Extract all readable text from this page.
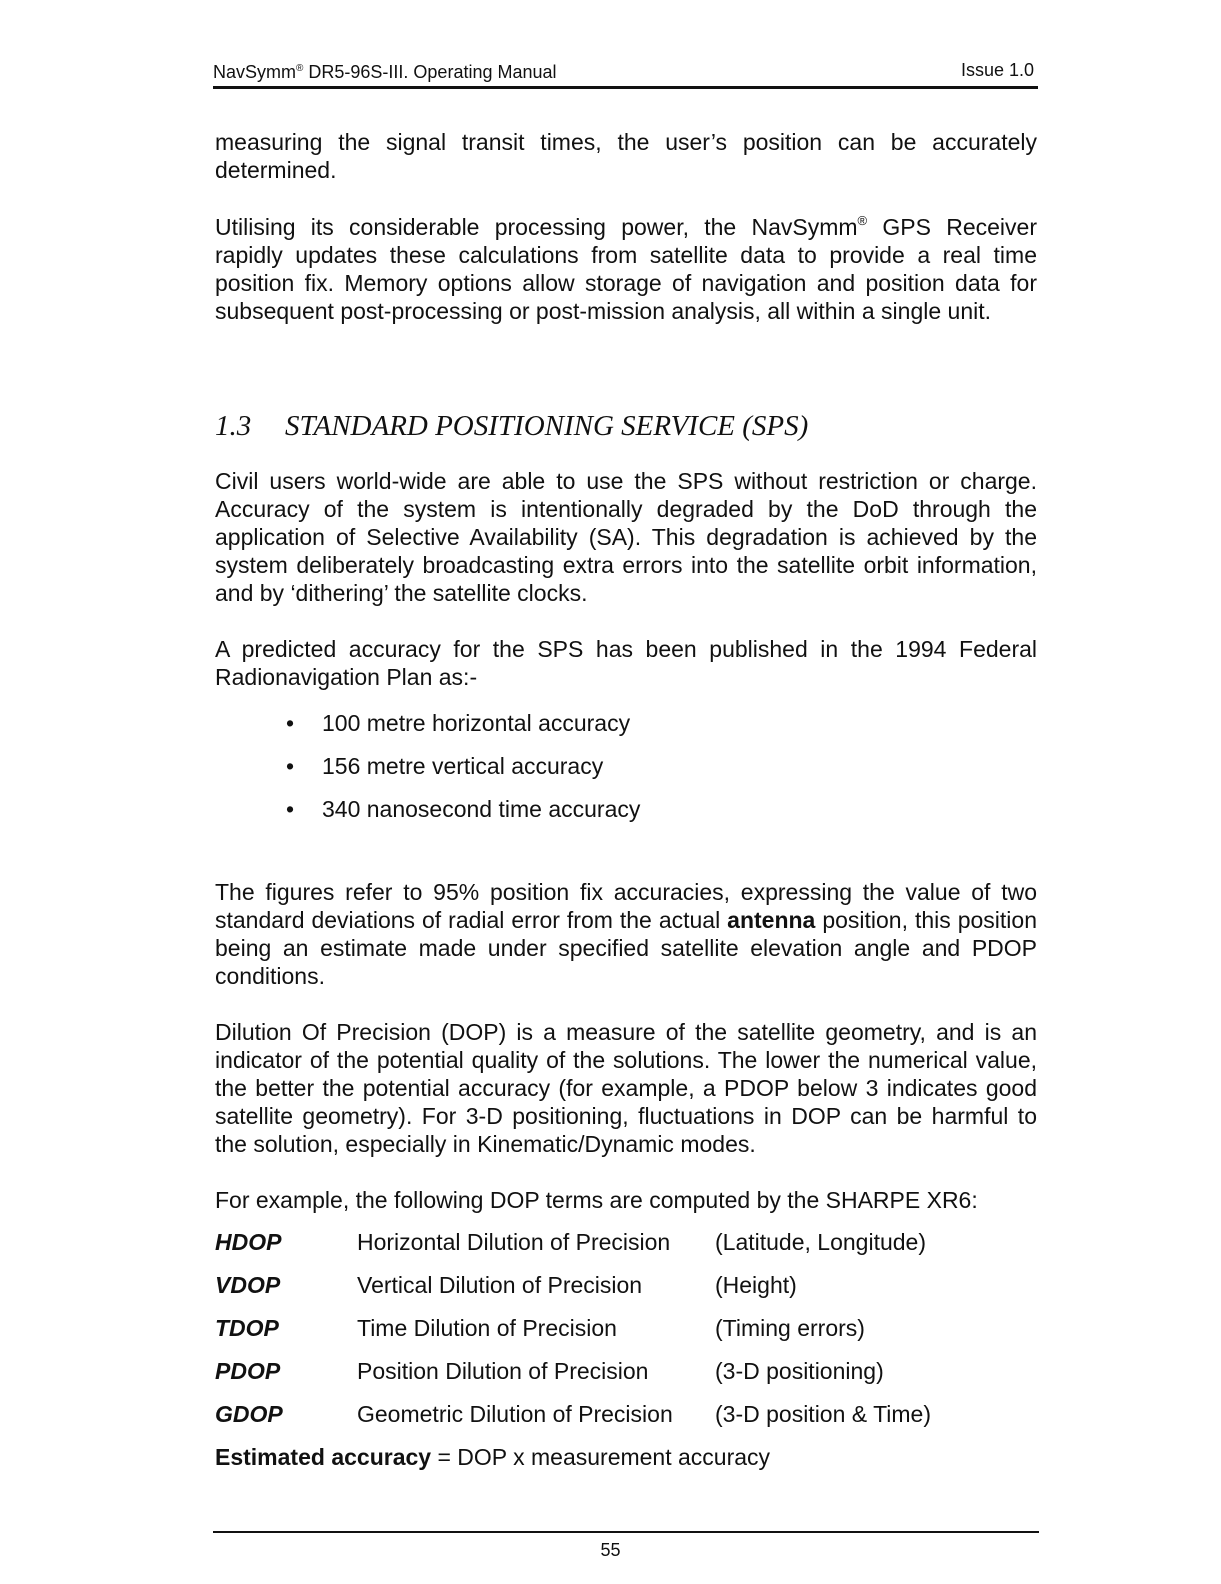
NavSymm® DR5-96S-III. Operating Manual	Issue 1.0

measuring the signal transit times, the user’s position can be accurately determined.

Utilising its considerable processing power, the NavSymm® GPS Receiver rapidly updates these calculations from satellite data to provide a real time position fix. Memory options allow storage of navigation and position data for subsequent post-processing or post-mission analysis, all within a single unit.

1.3 STANDARD POSITIONING SERVICE (SPS)

Civil users world-wide are able to use the SPS without restriction or charge. Accuracy of the system is intentionally degraded by the DoD through the application of Selective Availability (SA). This degradation is achieved by the system deliberately broadcasting extra errors into the satellite orbit information, and by ‘dithering’ the satellite clocks.

A predicted accuracy for the SPS has been published in the 1994 Federal Radionavigation Plan as:-

• 100 metre horizontal accuracy
• 156 metre vertical accuracy
• 340 nanosecond time accuracy

The figures refer to 95% position fix accuracies, expressing the value of two standard deviations of radial error from the actual antenna position, this position being an estimate made under specified satellite elevation angle and PDOP conditions.

Dilution Of Precision (DOP) is a measure of the satellite geometry, and is an indicator of the potential quality of the solutions. The lower the numerical value, the better the potential accuracy (for example, a PDOP below 3 indicates good satellite geometry). For 3-D positioning, fluctuations in DOP can be harmful to the solution, especially in Kinematic/Dynamic modes.

For example, the following DOP terms are computed by the SHARPE XR6:

HDOP	Horizontal Dilution of Precision (Latitude, Longitude)
VDOP	Vertical Dilution of Precision	(Height)
TDOP	Time Dilution of Precision	(Timing errors)
PDOP	Position Dilution of Precision	(3-D positioning)
GDOP	Geometric Dilution of Precision (3-D position & Time)
Estimated accuracy = DOP x measurement accuracy
55
